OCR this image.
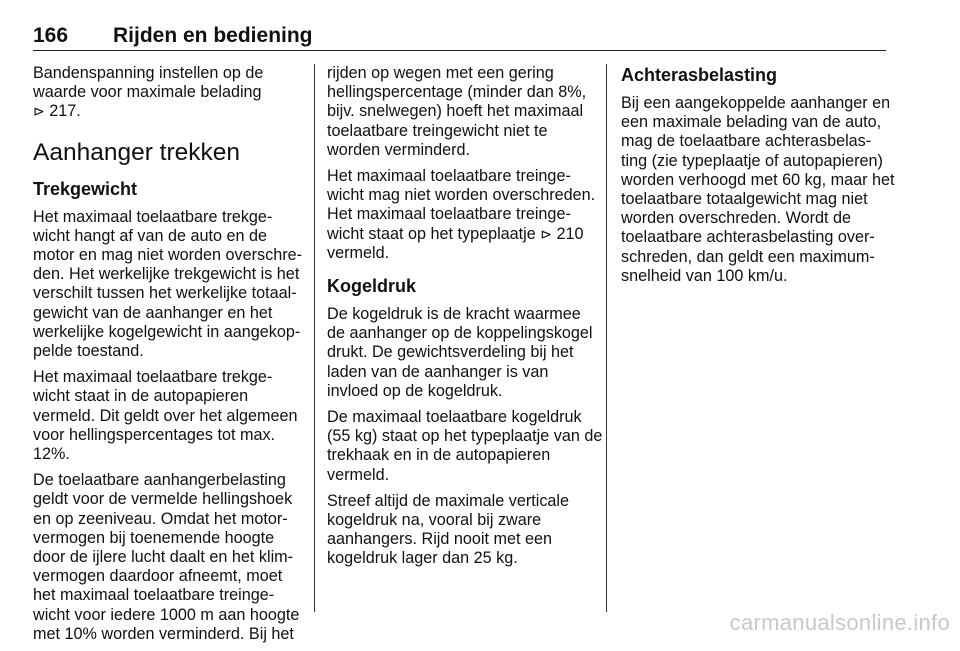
166 Rijden en bediening

Bandenspanning instellen op de
waarde voor maximale belading
⊳ 217.

Aanhanger trekken
Trekgewicht

Het maximaal toelaatbare trekge-
wicht hangt af van de auto en de
motor en mag niet worden overschre-
den. Het werkelijke trekgewicht is het
verschilt tussen het werkelijke totaal-
gewicht van de aanhanger en het
werkelijke kogelgewicht in aangekop-
pelde toestand.

Het maximaal toelaatbare trekge-
wicht staat in de autopapieren
vermeld. Dit geldt over het algemeen
voor hellingspercentages tot max.
12%.

De toelaatbare aanhangerbelasting
geldt voor de vermelde hellingshoek
en op zeeniveau. Omdat het motor-
vermogen bij toenemende hoogte
door de ijlere lucht daalt en het klim-
vermogen daardoor afneemt, moet
het maximaal toelaatbare treinge-
wicht voor iedere 1000 m aan hoogte
met 10% worden verminderd. Bij het

rijden op wegen met een gering
hellingspercentage (minder dan 8%,
bijv. snelwegen) hoeft het maximaal
toelaatbare treingewicht niet te
worden verminderd.

Het maximaal toelaatbare treinge-
wicht mag niet worden overschreden.
Het maximaal toelaatbare treinge-
wicht staat op het typeplaatje ⊳ 210
vermeld.

Kogeldruk

De kogeldruk is de kracht waarmee
de aanhanger op de koppelingskogel
drukt. De gewichtsverdeling bij het
laden van de aanhanger is van
invloed op de kogeldruk.

De maximaal toelaatbare kogeldruk
(55 kg) staat op het typeplaatje van de
trekhaak en in de autopapieren
vermeld.

Streef altijd de maximale verticale
kogeldruk na, vooral bij zware
aanhangers. Rijd nooit met een
kogeldruk lager dan 25 kg.

Achterasbelasting

Bij een aangekoppelde aanhanger en
een maximale belading van de auto,
mag de toelaatbare achterasbelas-
ting (zie typeplaatje of autopapieren)
worden verhoogd met 60 kg, maar het
toelaatbare totaalgewicht mag niet
worden overschreden. Wordt de
toelaatbare achterasbelasting over-
schreden, dan geldt een maximum-
snelheid van 100 km/u.

carmanualsonline.info
